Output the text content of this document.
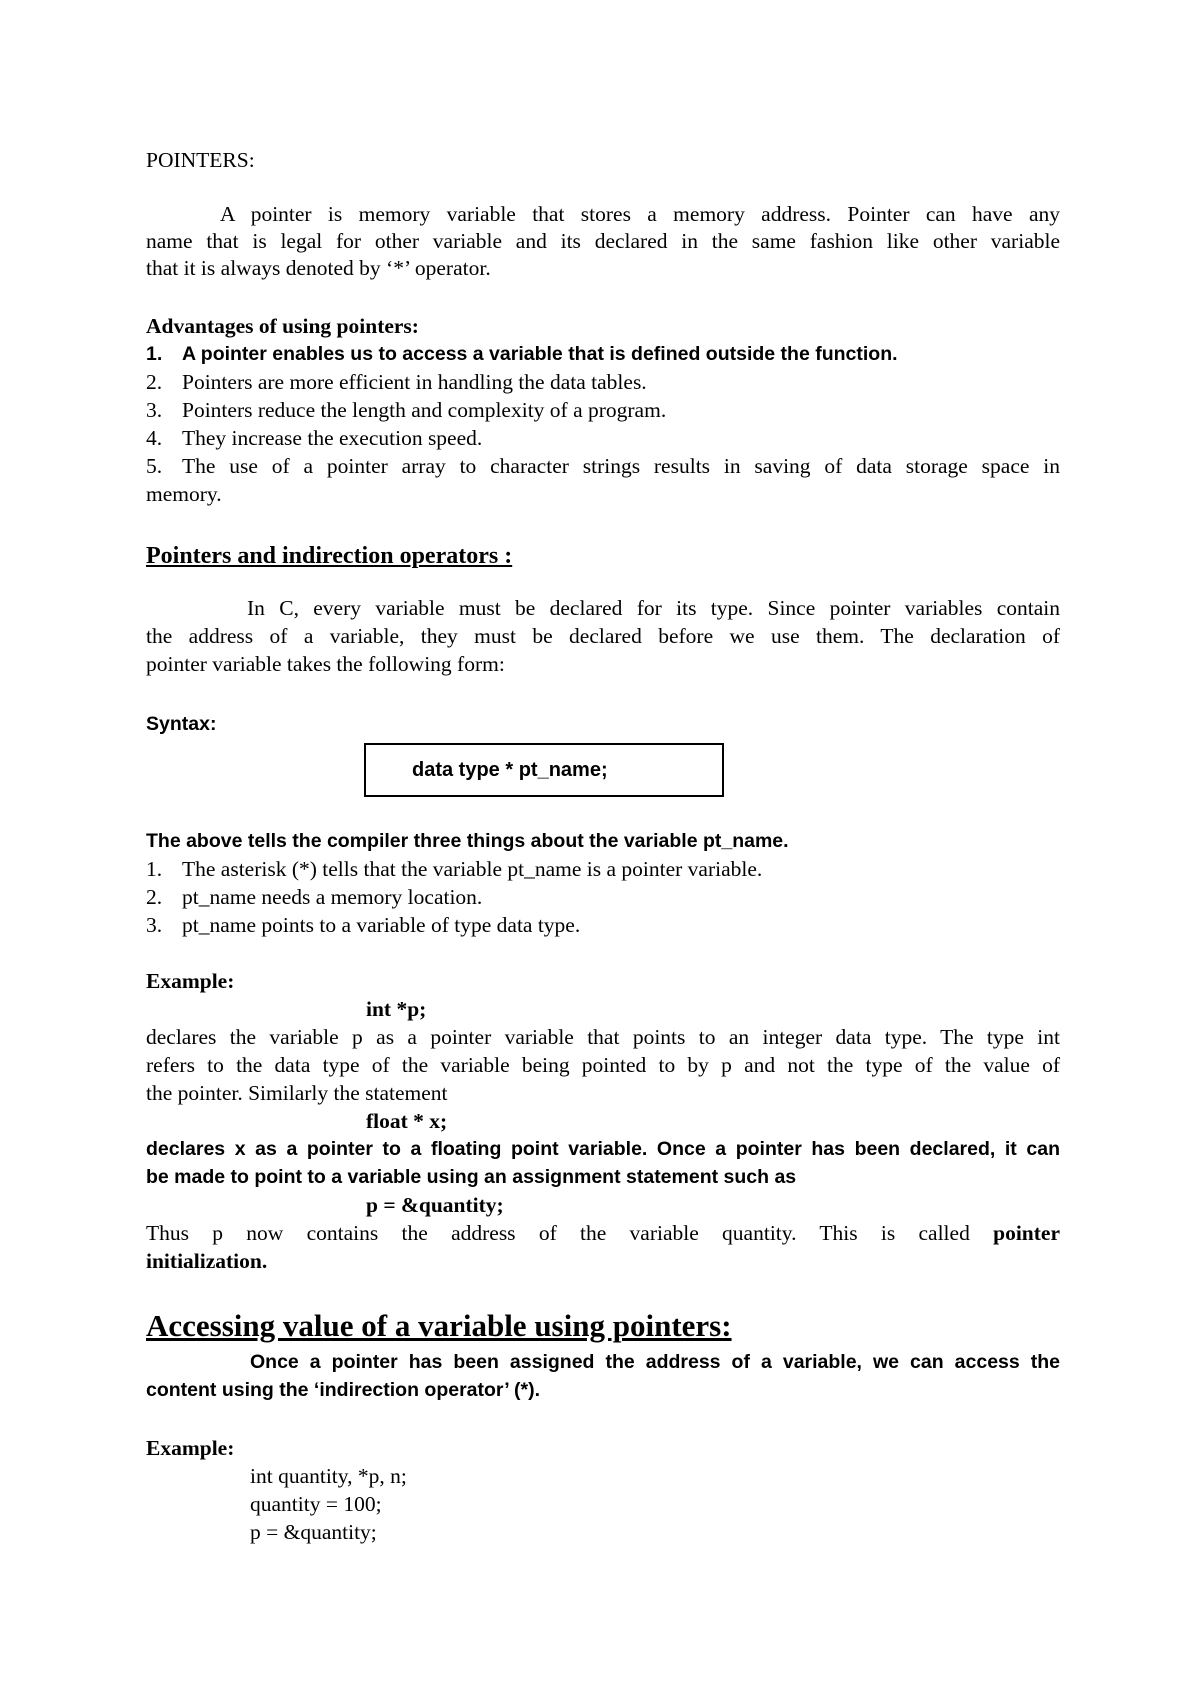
POINTERS:
A pointer is memory variable that stores a memory address. Pointer can have any
name that is legal for other variable and its declared in the same fashion like other variable
that it is always denoted by ‘*’ operator.
Advantages of using pointers:
1. A pointer enables us to access a variable that is defined outside the function.
2. Pointers are more efficient in handling the data tables.
3. Pointers reduce the length and complexity of a program.
4. They increase the execution speed.
5. The use of a pointer array to character strings results in saving of data storage space in
memory.
Pointers and indirection operators :
In C, every variable must be declared for its type. Since pointer variables contain
the address of a variable, they must be declared before we use them. The declaration of
pointer variable takes the following form:
Syntax:
data type * pt_name;
The above tells the compiler three things about the variable pt_name.
1. The asterisk (*) tells that the variable pt_name is a pointer variable.
2. pt_name needs a memory location.
3. pt_name points to a variable of type data type.
Example:
int *p;
declares the variable p as a pointer variable that points to an integer data type. The type int
refers to the data type of the variable being pointed to by p and not the type of the value of
the pointer. Similarly the statement
float * x;
declares x as a pointer to a floating point variable. Once a pointer has been declared, it can
be made to point to a variable using an assignment statement such as
p = &quantity;
Thus p now contains the address of the variable quantity. This is called pointer
initialization.
Accessing value of a variable using pointers:
Once a pointer has been assigned the address of a variable, we can access the
content using the ‘indirection operator’ (*).
Example:
int quantity, *p, n;
quantity = 100;
p = &quantity;
